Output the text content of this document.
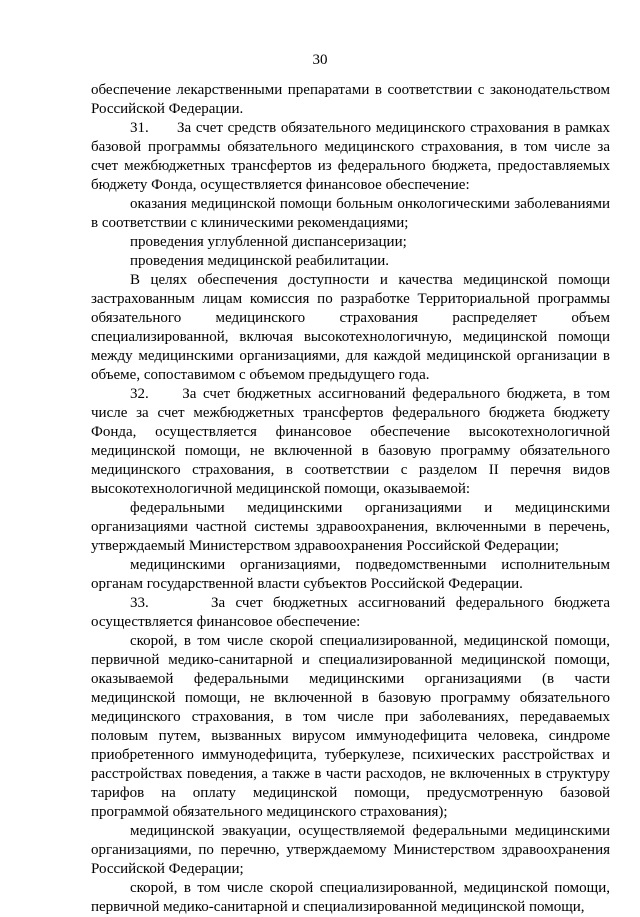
30

обеспечение лекарственными препаратами в соответствии с законодательством Российской Федерации.

31.      За счет средств обязательного медицинского страхования в рамках базовой программы обязательного медицинского страхования, в том числе за счет межбюджетных трансфертов из федерального бюджета, предоставляемых бюджету Фонда, осуществляется финансовое обеспечение:

оказания медицинской помощи больным онкологическими заболеваниями в соответствии с клиническими рекомендациями;

проведения углубленной диспансеризации;

проведения медицинской реабилитации.

В целях обеспечения доступности и качества медицинской помощи застрахованным лицам комиссия по разработке Территориальной программы обязательного медицинского страхования распределяет объем специализированной, включая высокотехнологичную, медицинской помощи между медицинскими организациями, для каждой медицинской организации в объеме, сопоставимом с объемом предыдущего года.

32.     За счет бюджетных ассигнований федерального бюджета, в том числе за счет межбюджетных трансфертов федерального бюджета бюджету Фонда, осуществляется финансовое обеспечение высокотехнологичной медицинской помощи, не включенной в базовую программу обязательного медицинского страхования, в соответствии с разделом II перечня видов высокотехнологичной медицинской помощи, оказываемой:

федеральными медицинскими организациями и медицинскими организациями частной системы здравоохранения, включенными в перечень, утверждаемый Министерством здравоохранения Российской Федерации;

медицинскими организациями, подведомственными исполнительным органам государственной власти субъектов Российской Федерации.

33.      За счет бюджетных ассигнований федерального бюджета осуществляется финансовое обеспечение:

скорой, в том числе скорой специализированной, медицинской помощи, первичной медико-санитарной и специализированной медицинской помощи, оказываемой федеральными медицинскими организациями (в части медицинской помощи, не включенной в базовую программу обязательного медицинского страхования, в том числе при заболеваниях, передаваемых половым путем, вызванных вирусом иммунодефицита человека, синдроме приобретенного иммунодефицита, туберкулезе, психических расстройствах и расстройствах поведения, а также в части расходов, не включенных в структуру тарифов на оплату медицинской помощи, предусмотренную базовой программой обязательного медицинского страхования);

медицинской эвакуации, осуществляемой федеральными медицинскими организациями, по перечню, утверждаемому Министерством здравоохранения Российской Федерации;

скорой, в том числе скорой специализированной, медицинской помощи, первичной медико-санитарной и специализированной медицинской помощи,
